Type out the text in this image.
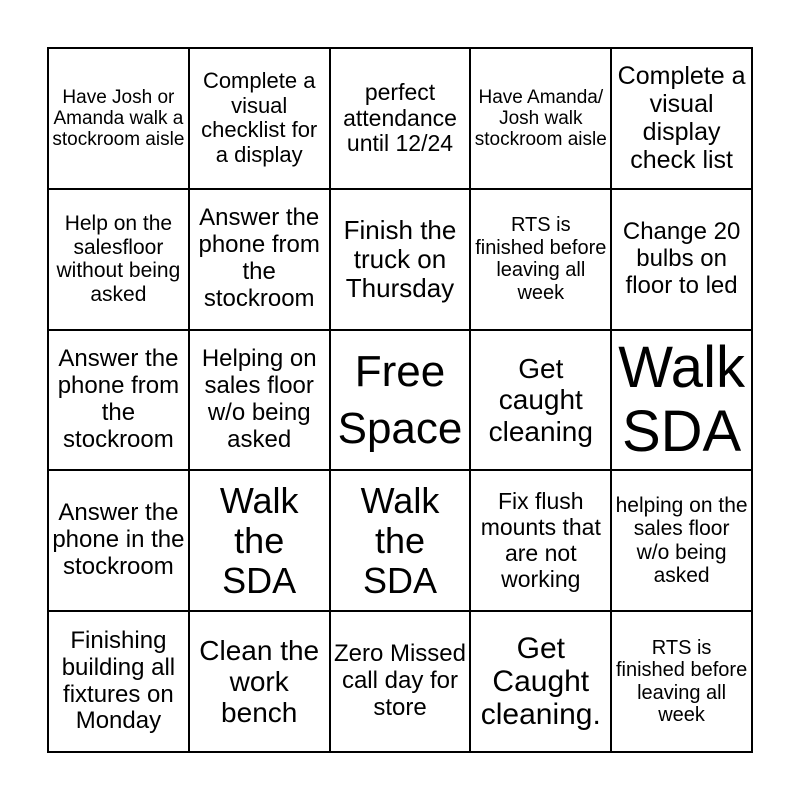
Have Josh or Amanda walk a stockroom aisle
Complete a visual checklist for a display
perfect attendance until 12/24
Have Amanda/ Josh walk stockroom aisle
Complete a visual display check list
Help on the salesfloor without being asked
Answer the phone from the stockroom
Finish the truck on Thursday
RTS is finished before leaving all week
Change 20 bulbs on floor to led
Answer the phone from the stockroom
Helping on sales floor w/o being asked
Free Space
Get caught cleaning
Walk SDA
Answer the phone in the stockroom
Walk the SDA
Walk the SDA
Fix flush mounts that are not working
helping on the sales floor w/o being asked
Finishing building all fixtures on Monday
Clean the work bench
Zero Missed call day for store
Get Caught cleaning.
RTS is finished before leaving all week
